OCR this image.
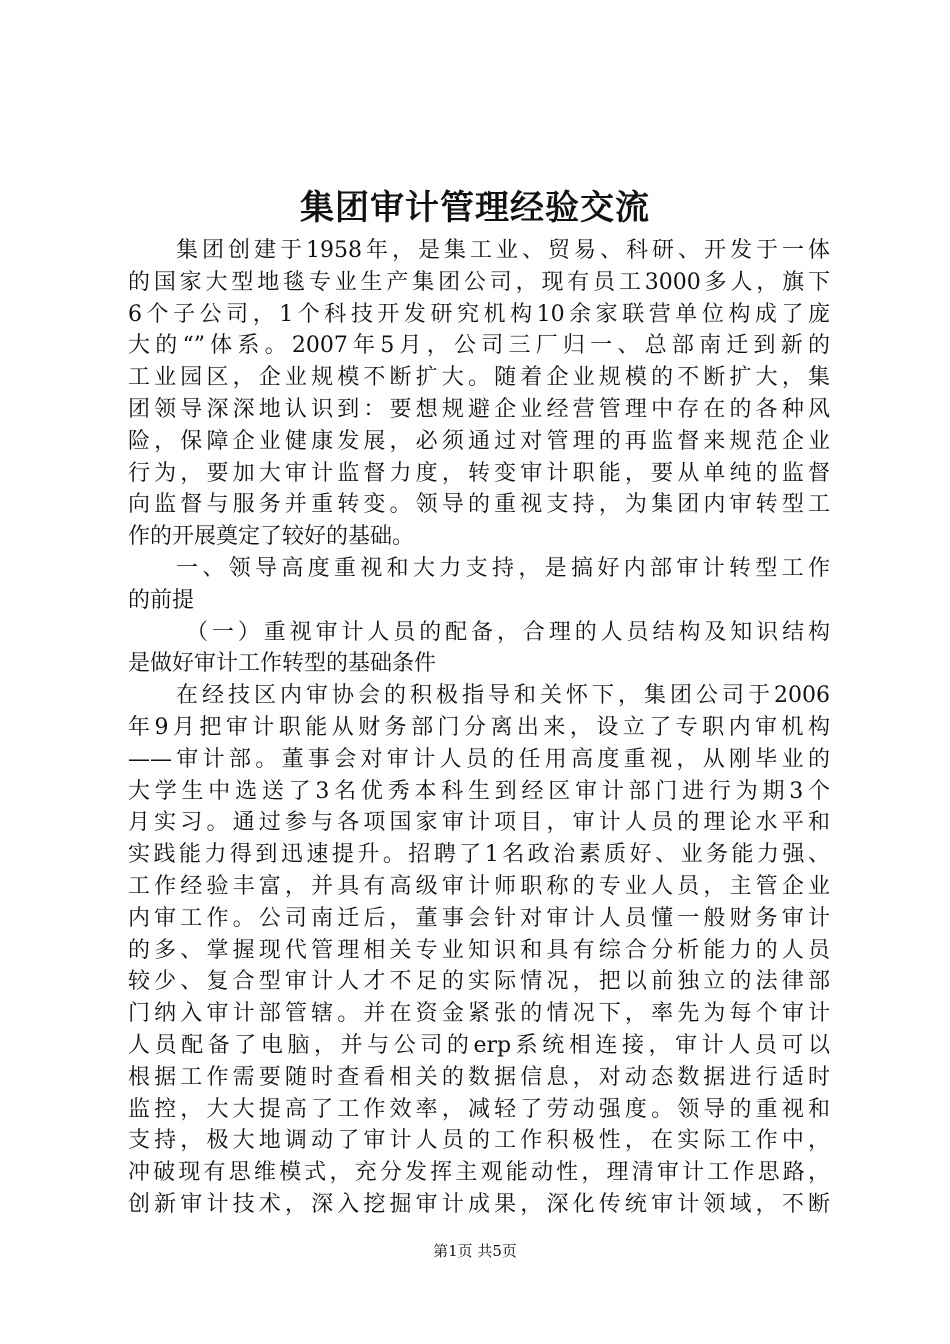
集团审计管理经验交流
集团创建于1958年，是集工业、贸易、科研、开发于一体
的国家大型地毯专业生产集团公司，现有员工3000多人，旗下
6个子公司，1个科技开发研究机构10余家联营单位构成了庞
大的“”体系。2007年5月，公司三厂归一、总部南迁到新的
工业园区，企业规模不断扩大。随着企业规模的不断扩大，集
团领导深深地认识到：要想规避企业经营管理中存在的各种风
险，保障企业健康发展，必须通过对管理的再监督来规范企业
行为，要加大审计监督力度，转变审计职能，要从单纯的监督
向监督与服务并重转变。领导的重视支持，为集团内审转型工
作的开展奠定了较好的基础。
一、领导高度重视和大力支持，是搞好内部审计转型工作
的前提
（一）重视审计人员的配备，合理的人员结构及知识结构
是做好审计工作转型的基础条件
在经技区内审协会的积极指导和关怀下，集团公司于2006
年9月把审计职能从财务部门分离出来，设立了专职内审机构
——审计部。董事会对审计人员的任用高度重视，从刚毕业的
大学生中选送了3名优秀本科生到经区审计部门进行为期3个
月实习。通过参与各项国家审计项目，审计人员的理论水平和
实践能力得到迅速提升。招聘了1名政治素质好、业务能力强、
工作经验丰富，并具有高级审计师职称的专业人员，主管企业
内审工作。公司南迁后，董事会针对审计人员懂一般财务审计
的多、掌握现代管理相关专业知识和具有综合分析能力的人员
较少、复合型审计人才不足的实际情况，把以前独立的法律部
门纳入审计部管辖。并在资金紧张的情况下，率先为每个审计
人员配备了电脑，并与公司的erp系统相连接，审计人员可以
根据工作需要随时查看相关的数据信息，对动态数据进行适时
监控，大大提高了工作效率，减轻了劳动强度。领导的重视和
支持，极大地调动了审计人员的工作积极性，在实际工作中，
冲破现有思维模式，充分发挥主观能动性，理清审计工作思路，
创新审计技术，深入挖掘审计成果，深化传统审计领域，不断
第1页 共5页
